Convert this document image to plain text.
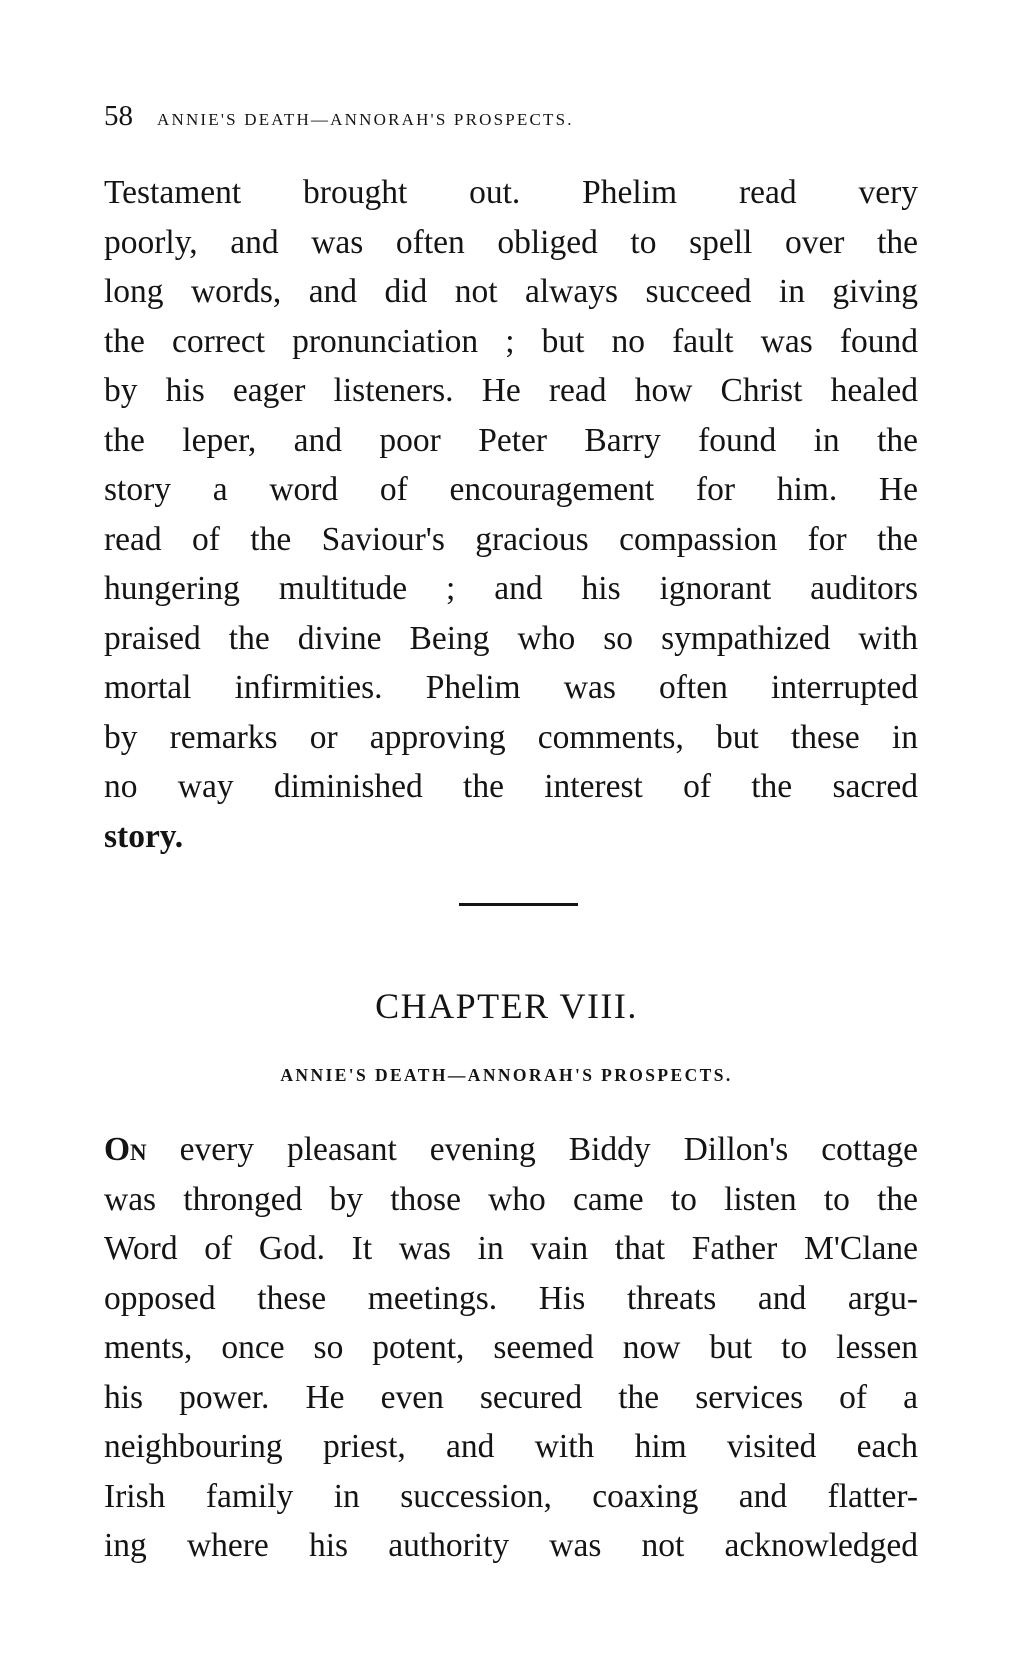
58 ANNIE'S DEATH—ANNORAH'S PROSPECTS.
Testament brought out. Phelim read very
poorly, and was often obliged to spell over the
long words, and did not always succeed in giving
the correct pronunciation ; but no fault was found
by his eager listeners. He read how Christ healed
the leper, and poor Peter Barry found in the
story a word of encouragement for him. He
read of the Saviour's gracious compassion for the
hungering multitude ; and his ignorant auditors
praised the divine Being who so sympathized with
mortal infirmities. Phelim was often interrupted
by remarks or approving comments, but these in
no way diminished the interest of the sacred
story.
CHAPTER VIII.
ANNIE'S DEATH—ANNORAH'S PROSPECTS.
On every pleasant evening Biddy Dillon's cottage
was thronged by those who came to listen to the
Word of God. It was in vain that Father M'Clane
opposed these meetings. His threats and argu-
ments, once so potent, seemed now but to lessen
his power. He even secured the services of a
neighbouring priest, and with him visited each
Irish family in succession, coaxing and flatter-
ing where his authority was not acknowledged
